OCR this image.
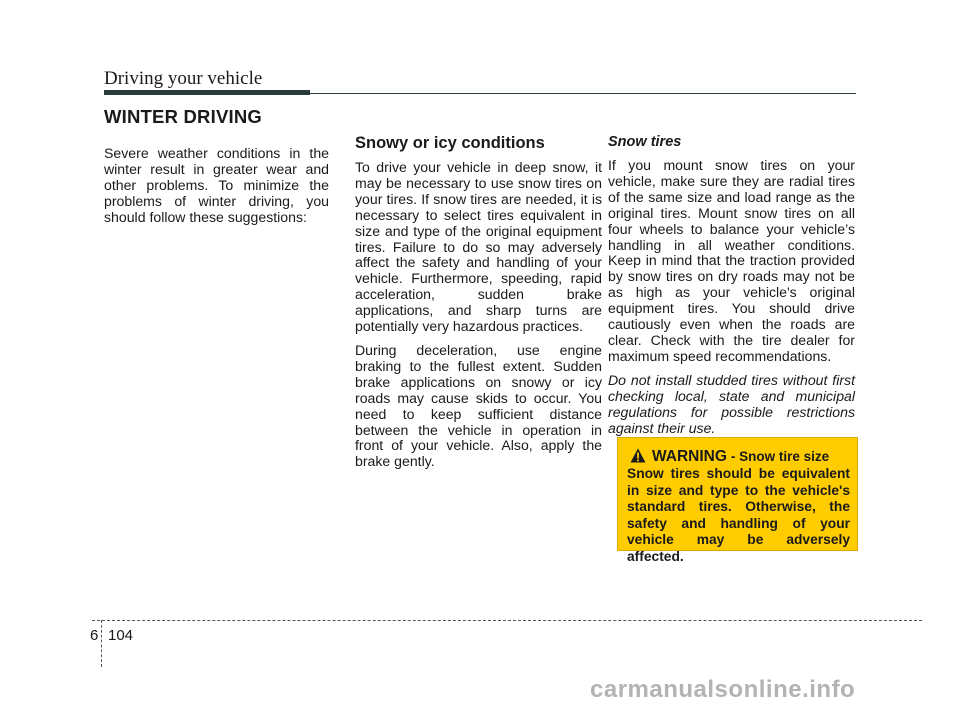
Driving your vehicle
WINTER DRIVING

Severe weather conditions in the winter result in greater wear and other problems. To minimize the problems of winter driving, you should follow these suggestions:

Snowy or icy conditions

To drive your vehicle in deep snow, it may be necessary to use snow tires on your tires. If snow tires are needed, it is necessary to select tires equivalent in size and type of the original equipment tires. Failure to do so may adversely affect the safety and handling of your vehicle. Furthermore, speeding, rapid acceleration, sudden brake applications, and sharp turns are potentially very hazardous practices.

During deceleration, use engine braking to the fullest extent. Sudden brake applications on snowy or icy roads may cause skids to occur. You need to keep sufficient distance between the vehicle in operation in front of your vehicle. Also, apply the brake gently.

Snow tires

If you mount snow tires on your vehicle, make sure they are radial tires of the same size and load range as the original tires. Mount snow tires on all four wheels to balance your vehicle’s handling in all weather conditions. Keep in mind that the traction provided by snow tires on dry roads may not be as high as your vehicle's original equipment tires. You should drive cautiously even when the roads are clear. Check with the tire dealer for maximum speed recommendations.

Do not install studded tires without first checking local, state and municipal regulations for possible restrictions against their use.

WARNING - Snow tire size
Snow tires should be equivalent in size and type to the vehicle's standard tires. Otherwise, the safety and handling of your vehicle may be adversely affected.
6 104
carmanualsonline.info
